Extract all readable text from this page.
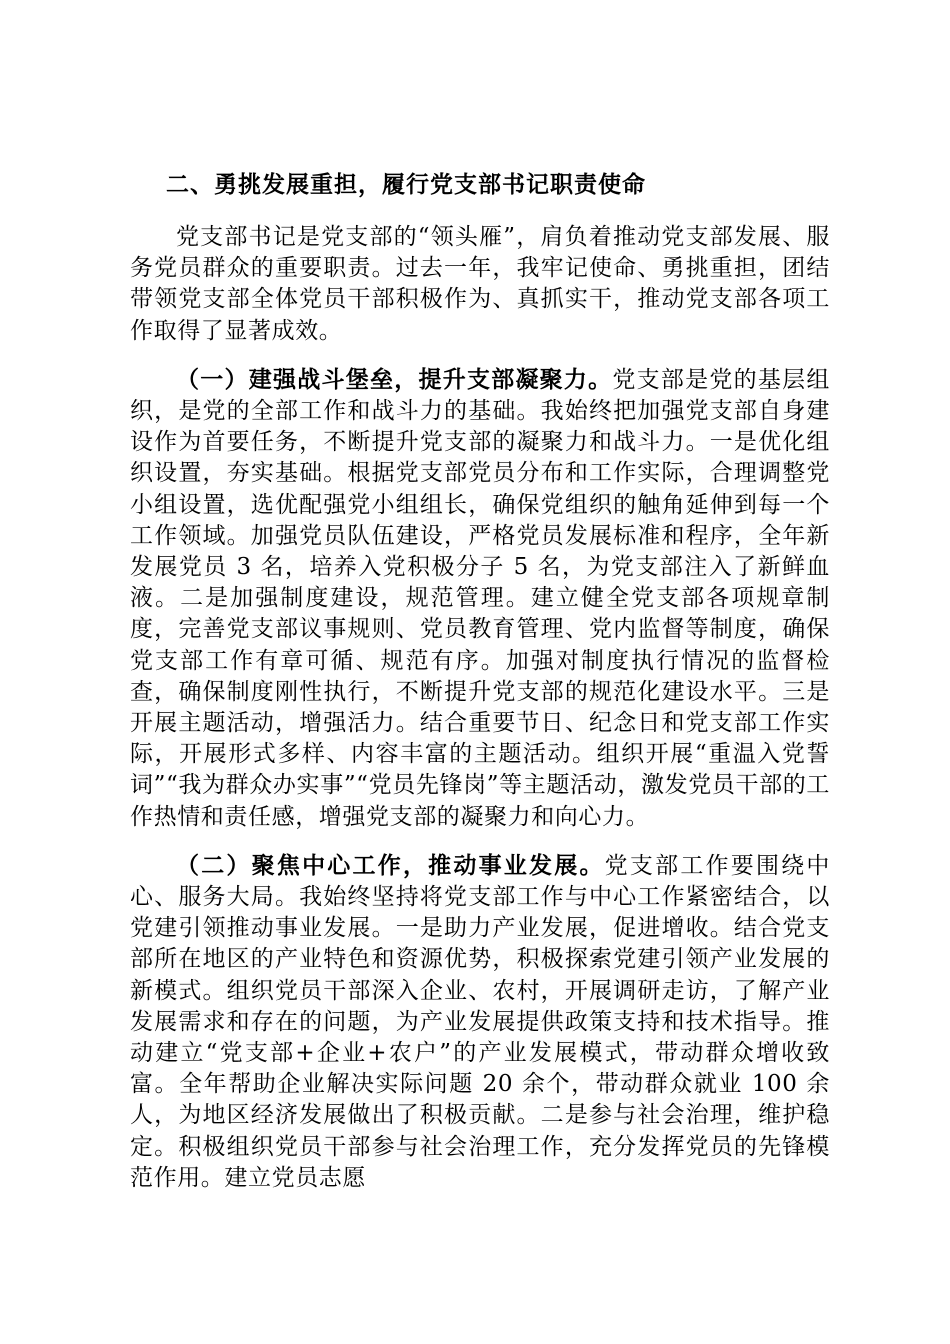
二、勇挑发展重担，履行党支部书记职责使命

党支部书记是党支部的“领头雁”，肩负着推动党支部发展、服务党员群众的重要职责。过去一年，我牢记使命、勇挑重担，团结带领党支部全体党员干部积极作为、真抓实干，推动党支部各项工作取得了显著成效。

（一）建强战斗堡垒，提升支部凝聚力。党支部是党的基层组织，是党的全部工作和战斗力的基础。我始终把加强党支部自身建设作为首要任务，不断提升党支部的凝聚力和战斗力。一是优化组织设置，夯实基础。根据党支部党员分布和工作实际，合理调整党小组设置，选优配强党小组组长，确保党组织的触角延伸到每一个工作领域。加强党员队伍建设，严格党员发展标准和程序，全年新发展党员 3 名，培养入党积极分子 5 名，为党支部注入了新鲜血液。二是加强制度建设，规范管理。建立健全党支部各项规章制度，完善党支部议事规则、党员教育管理、党内监督等制度，确保党支部工作有章可循、规范有序。加强对制度执行情况的监督检查，确保制度刚性执行，不断提升党支部的规范化建设水平。三是开展主题活动，增强活力。结合重要节日、纪念日和党支部工作实际，开展形式多样、内容丰富的主题活动。组织开展“重温入党誓词”“我为群众办实事”“党员先锋岗”等主题活动，激发党员干部的工作热情和责任感，增强党支部的凝聚力和向心力。

（二）聚焦中心工作，推动事业发展。党支部工作要围绕中心、服务大局。我始终坚持将党支部工作与中心工作紧密结合，以党建引领推动事业发展。一是助力产业发展，促进增收。结合党支部所在地区的产业特色和资源优势，积极探索党建引领产业发展的新模式。组织党员干部深入企业、农村，开展调研走访，了解产业发展需求和存在的问题，为产业发展提供政策支持和技术指导。推动建立“党支部+企业+农户”的产业发展模式，带动群众增收致富。全年帮助企业解决实际问题 20 余个，带动群众就业 100 余人，为地区经济发展做出了积极贡献。二是参与社会治理，维护稳定。积极组织党员干部参与社会治理工作，充分发挥党员的先锋模范作用。建立党员志愿
